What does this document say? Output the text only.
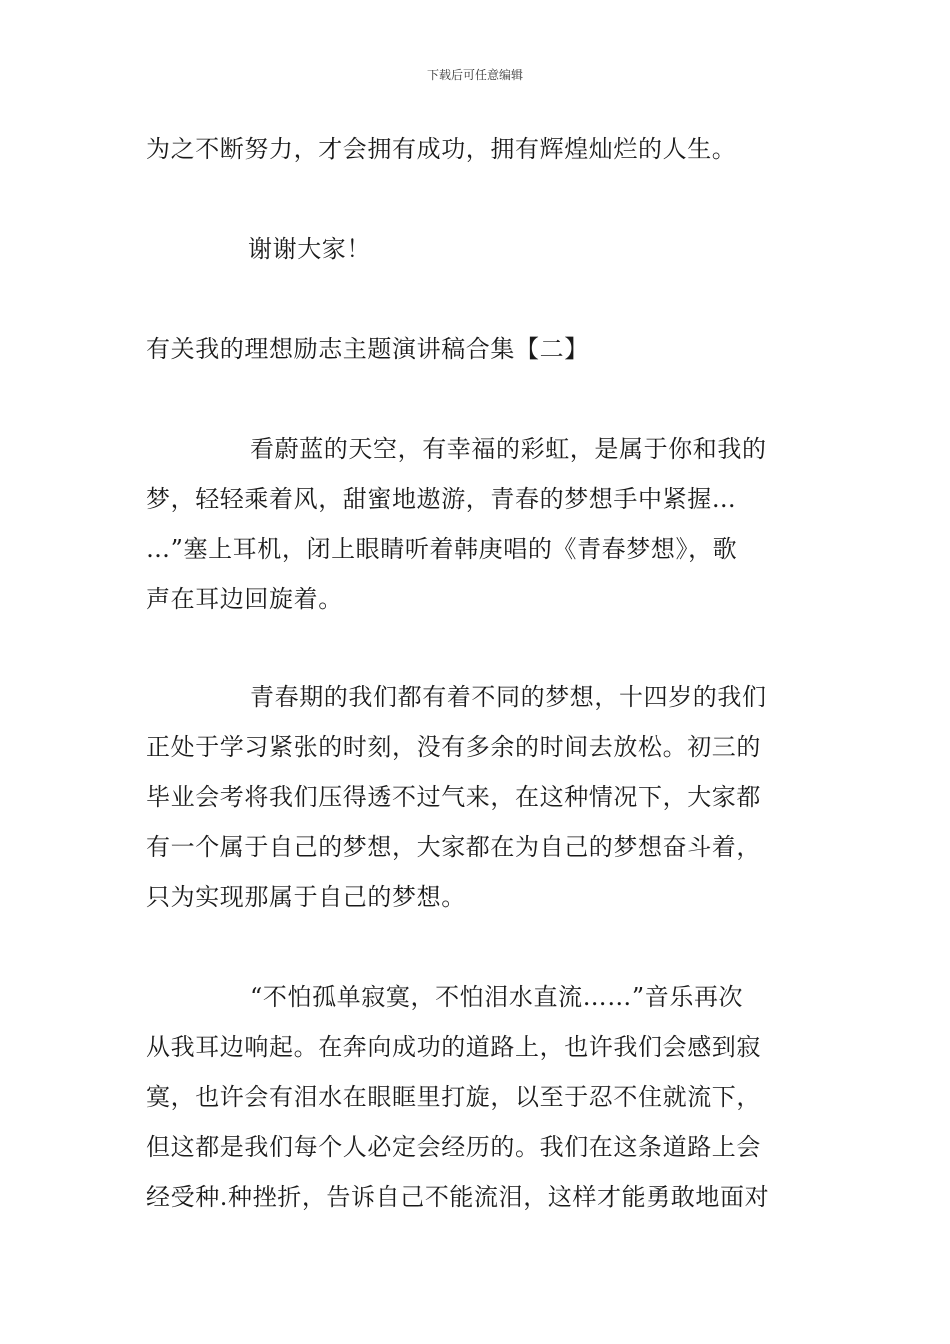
下载后可任意编辑
为之不断努力，才会拥有成功，拥有辉煌灿烂的人生。
谢谢大家！
有关我的理想励志主题演讲稿合集【二】
看蔚蓝的天空，有幸福的彩虹，是属于你和我的
梦，轻轻乘着风，甜蜜地遨游，青春的梦想手中紧握…
…”塞上耳机，闭上眼睛听着韩庚唱的《青春梦想》，歌
声在耳边回旋着。
青春期的我们都有着不同的梦想，十四岁的我们
正处于学习紧张的时刻，没有多余的时间去放松。初三的
毕业会考将我们压得透不过气来，在这种情况下，大家都
有一个属于自己的梦想，大家都在为自己的梦想奋斗着，
只为实现那属于自己的梦想。
“不怕孤单寂寞，不怕泪水直流……”音乐再次
从我耳边响起。在奔向成功的道路上，也许我们会感到寂
寞，也许会有泪水在眼眶里打旋，以至于忍不住就流下，
但这都是我们每个人必定会经历的。我们在这条道路上会
经受种.种挫折，告诉自己不能流泪，这样才能勇敢地面对
